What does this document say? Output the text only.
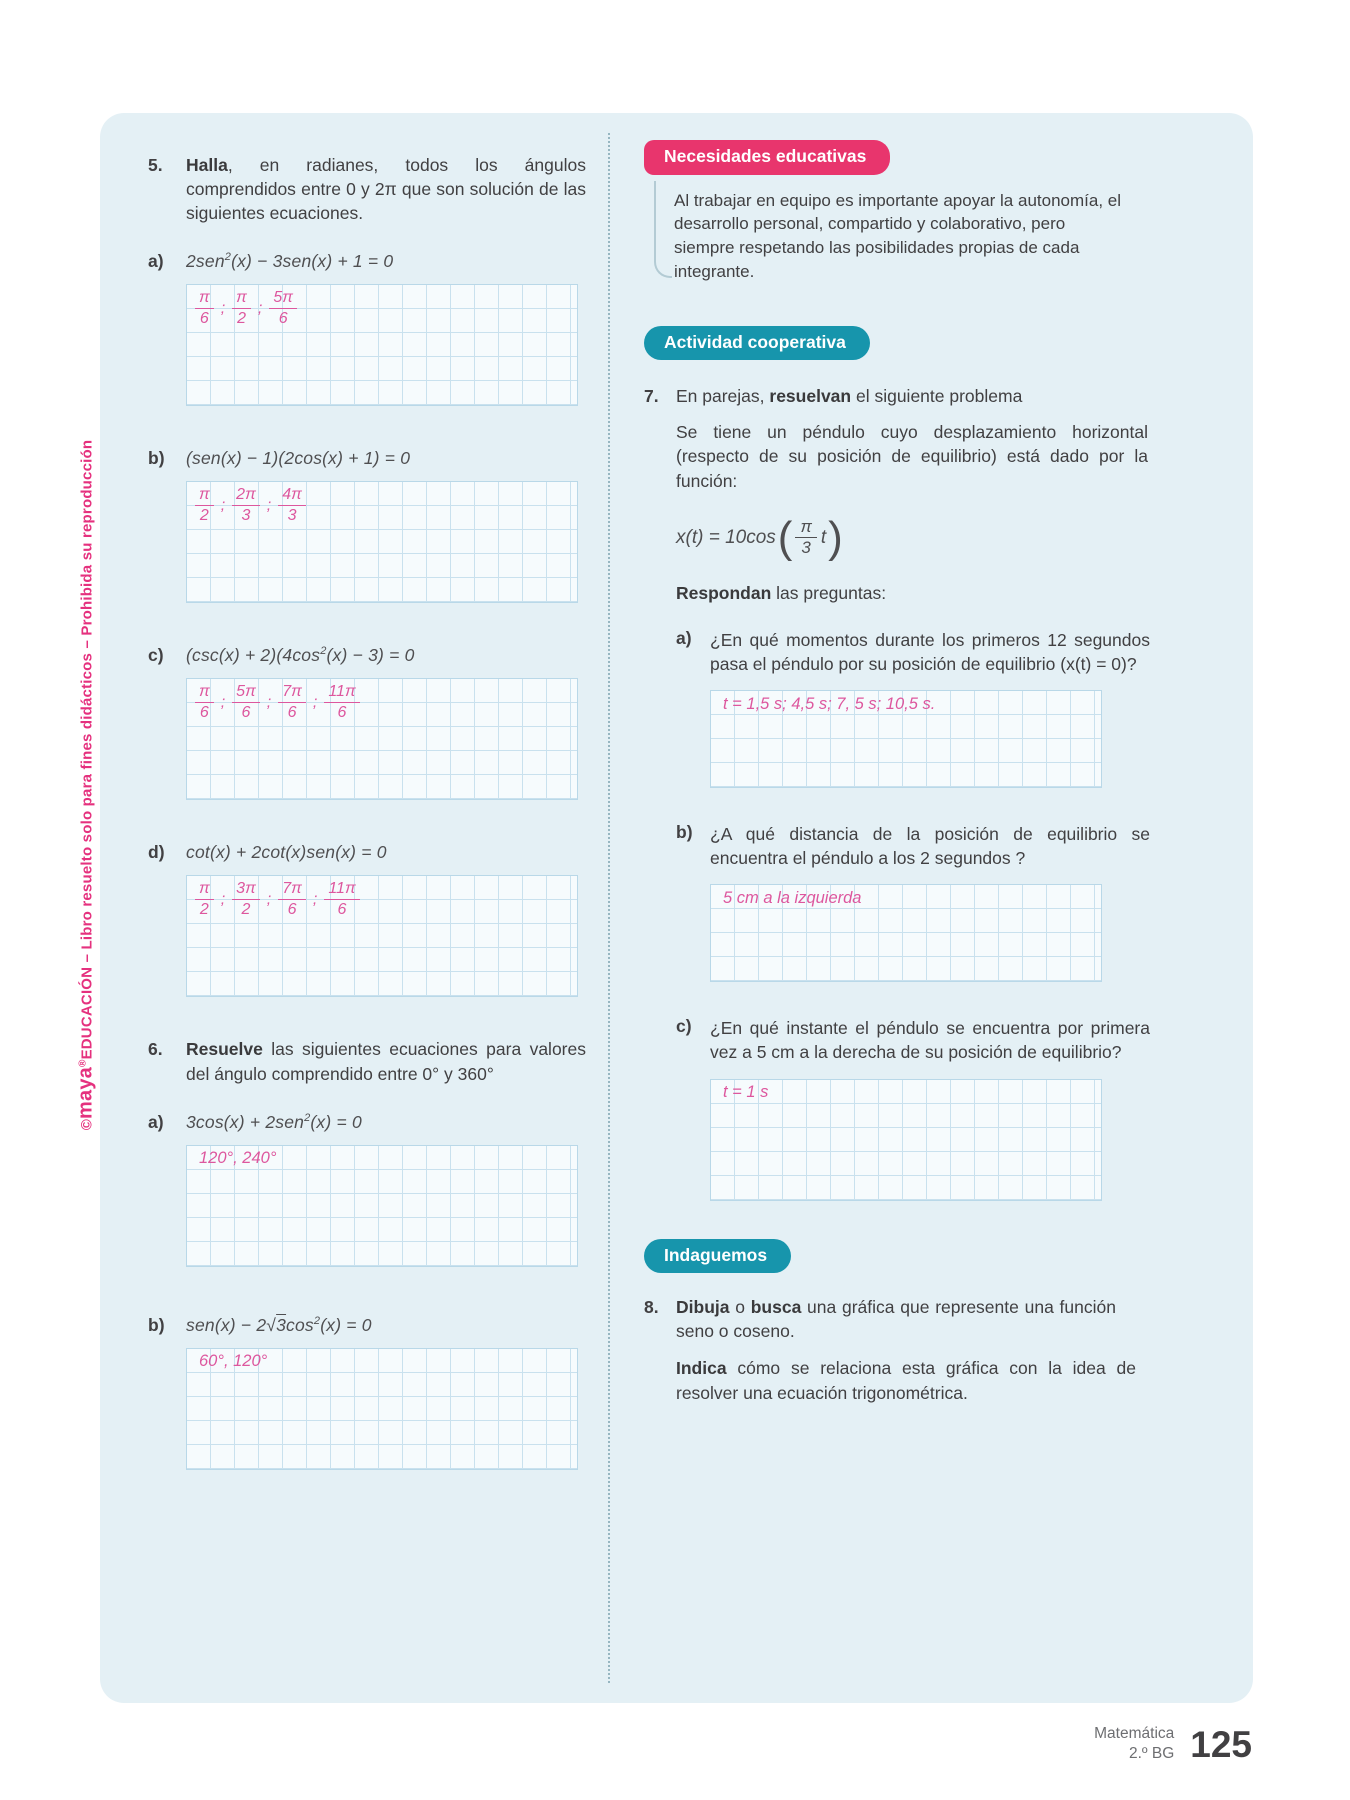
©maya®EDUCACIÓN – Libro resuelto solo para fines didácticos – Prohibida su reproducción
5.	Halla, en radianes, todos los ángulos comprendidos entre 0 y 2π que son solución de las siguientes ecuaciones.

a) 2sen$^2$(x) − 3sen(x) + 1 = 0
$\frac{\pi}{6}$ ; $\frac{\pi}{2}$ ; $\frac{5\pi}{6}$
b) (sen(x) − 1)(2cos(x) + 1) = 0
$\frac{\pi}{2}$ ; $\frac{2\pi}{3}$ ; $\frac{4\pi}{3}$
c) $(\csc(x) + 2)(4\cos^2(x) - 3) = 0$
$\frac{\pi}{6}$ ; $\frac{5\pi}{6}$ ; $\frac{7\pi}{6}$ ; $\frac{11\pi}{6}$
d) cot(x) + 2cot(x)sen(x) = 0
$\frac{\pi}{2}$ ; $\frac{3\pi}{2}$ ; $\frac{7\pi}{6}$ ; $\frac{11\pi}{6}$
6.	Resuelve las siguientes ecuaciones para valores del ángulo comprendido entre 0° y 360°

a) 3cos(x) + 2sen$^2$(x) = 0
120°, 240°
b) $sen(x) - 2√3\cos^2(x) = 0$
60°, 120°
Necesidades educativas

Al trabajar en equipo es importante apoyar la autonomía, el desarrollo personal, compartido y colaborativo, pero siempre respetando las posibilidades propias de cada integrante.

Actividad cooperativa
7. En parejas, resuelvan el siguiente problema

Se tiene un péndulo cuyo desplazamiento horizontal (respecto de su posición de equilibrio) está dado por la función:

x(t) = 10cos ( $\frac{\pi}{3}$ t )

Respondan las preguntas:

a) ¿En qué momentos durante los primeros 12 segundos pasa el péndulo por su posición de equilibrio (x(t) = 0)?

t = 1,5 s; 4,5 s; 7, 5 s; 10,5 s.
b) ¿A qué distancia de la posición de equilibrio se encuentra el péndulo a los 2 segundos ?

5 cm a la izquierda
c) ¿En qué instante el péndulo se encuentra por primera vez a 5 cm a la derecha de su posición de equilibrio?

t = 1 s
Indaguemos
8. Dibuja o busca una gráfica que represente una función seno o coseno.

Indica cómo se relaciona esta gráfica con la idea de resolver una ecuación trigonométrica.

Matemática
2.º BG 125
